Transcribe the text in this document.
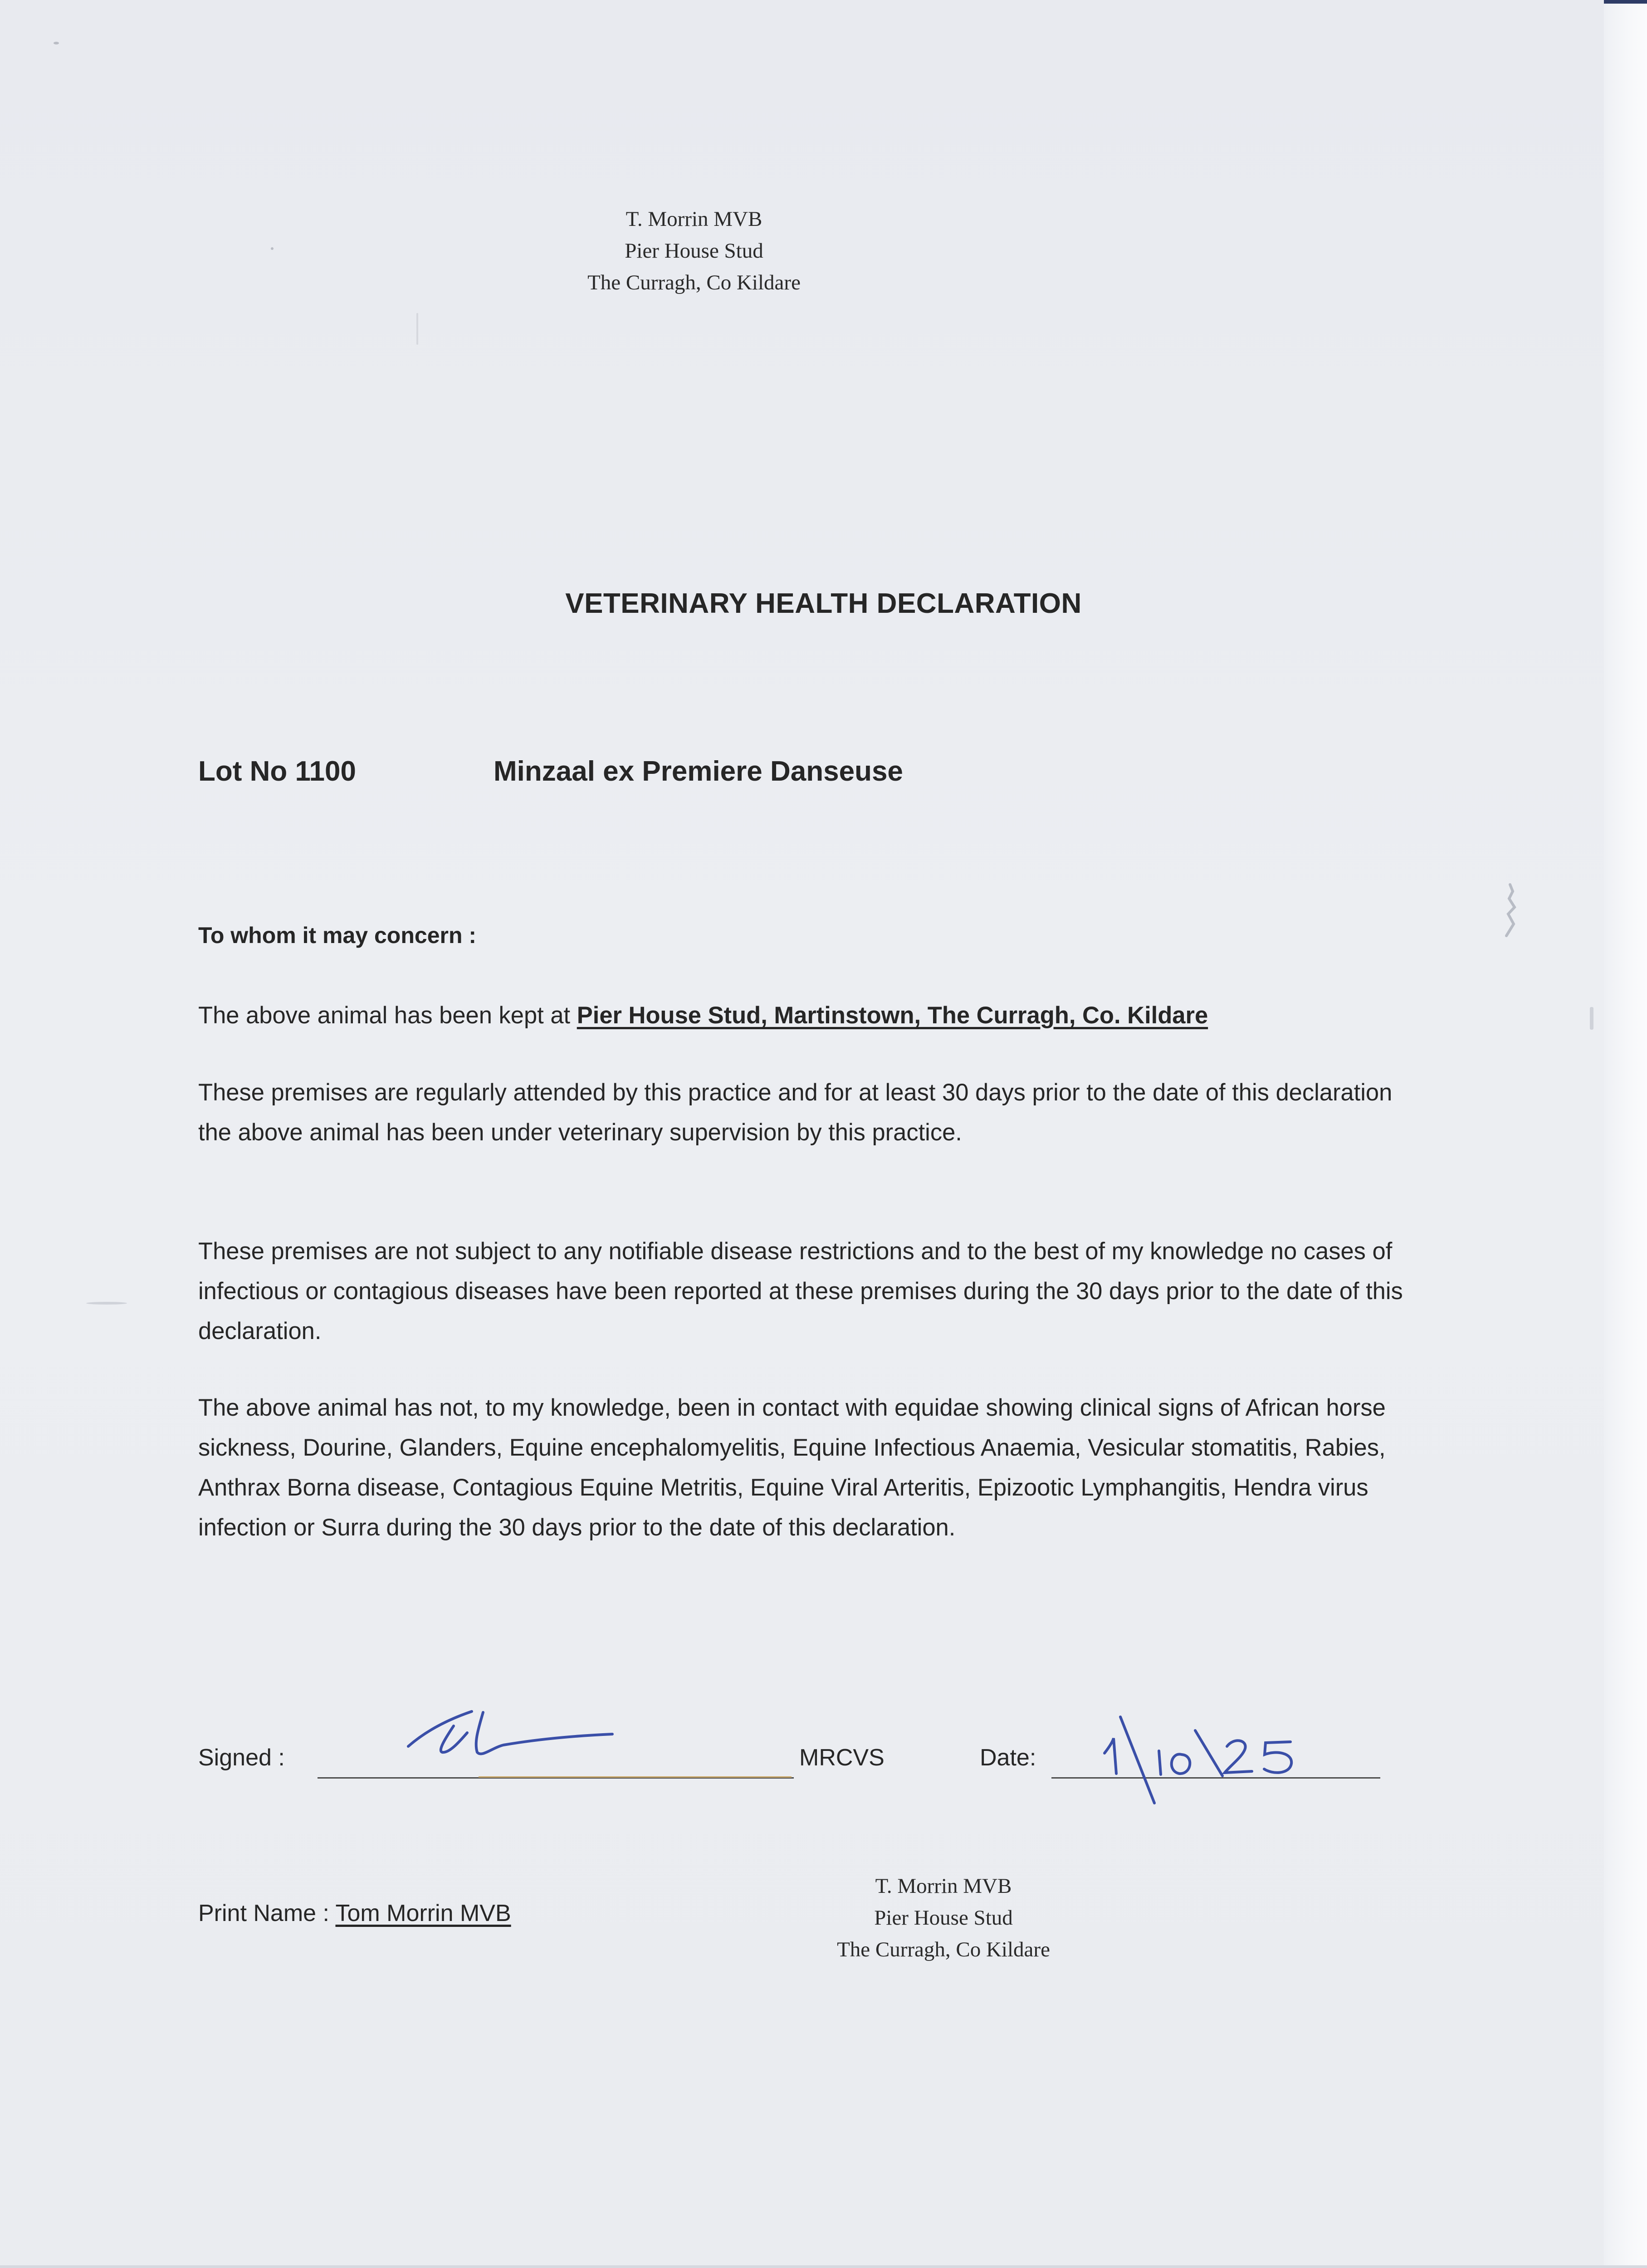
T. Morrin MVB
Pier House Stud
The Curragh, Co Kildare
VETERINARY HEALTH DECLARATION
Lot No 1100	Minzaal ex Premiere Danseuse
To whom it may concern :
The above animal has been kept at Pier House Stud, Martinstown, The Curragh, Co. Kildare
These premises are regularly attended by this practice and for at least 30 days prior to the date of this declaration the above animal has been under veterinary supervision by this practice.
These premises are not subject to any notifiable disease restrictions and to the best of my knowledge no cases of infectious or contagious diseases have been reported at these premises during the 30 days prior to the date of this declaration.
The above animal has not, to my knowledge, been in contact with equidae showing clinical signs of African horse sickness, Dourine, Glanders, Equine encephalomyelitis, Equine Infectious Anaemia, Vesicular stomatitis, Rabies, Anthrax Borna disease, Contagious Equine Metritis, Equine Viral Arteritis, Epizootic Lymphangitis, Hendra virus infection or Surra during the 30 days prior to the date of this declaration.
Signed :	MRCVS	Date:
Print Name : Tom Morrin MVB
T. Morrin MVB
Pier House Stud
The Curragh, Co Kildare
